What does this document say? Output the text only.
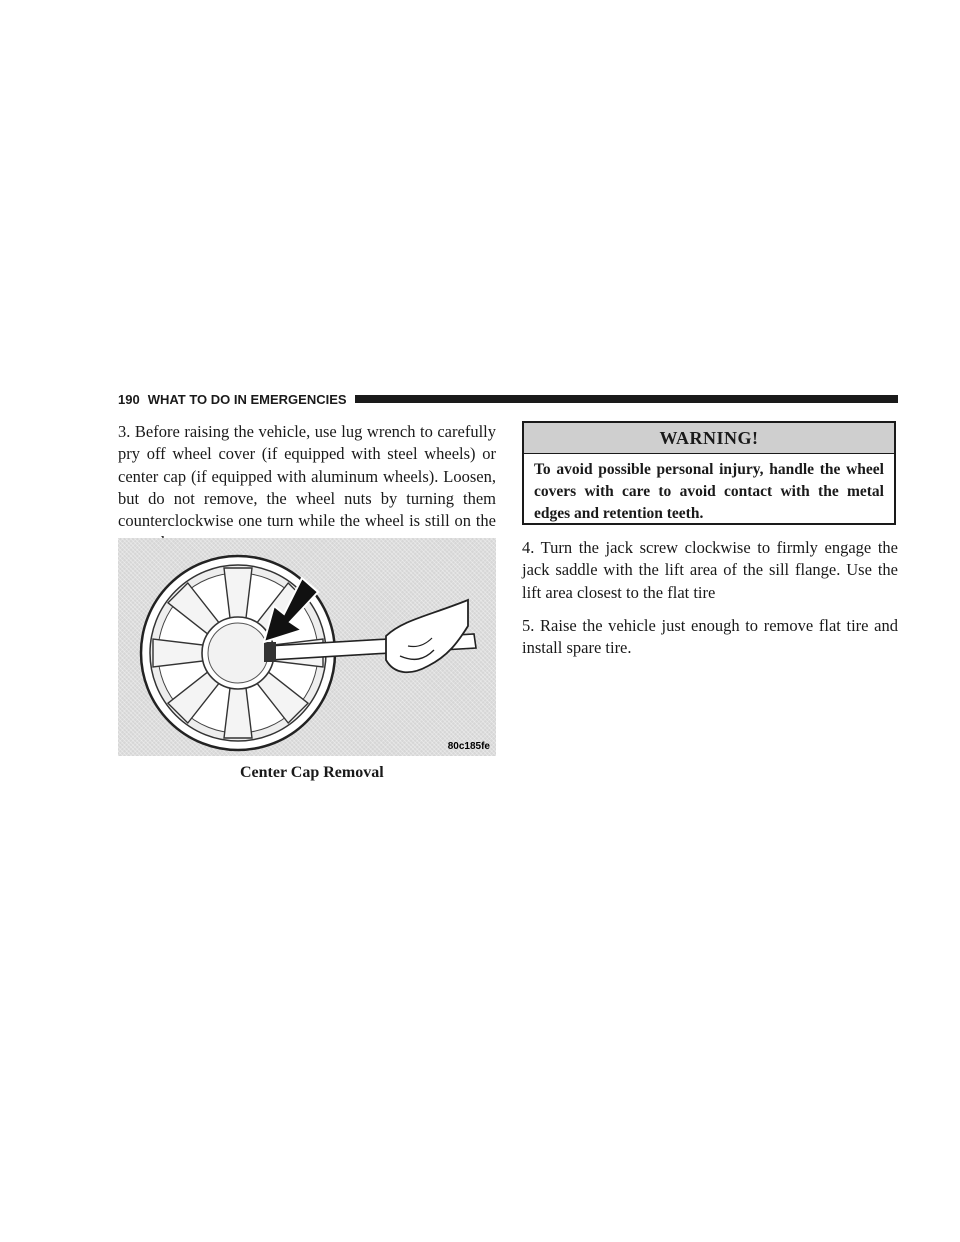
190 WHAT TO DO IN EMERGENCIES

3. Before raising the vehicle, use lug wrench to carefully pry off wheel cover (if equipped with steel wheels) or center cap (if equipped with aluminum wheels). Loosen, but do not remove, the wheel nuts by turning them counterclockwise one turn while the wheel is still on the

80c185fe
Center Cap Removal
WARNING!
To avoid possible personal injury, handle the wheel covers with care to avoid contact with the metal edges and retention teeth.

4. Turn the jack screw clockwise to firmly engage the jack saddle with the lift area of the sill flange. Use the lift area closest to the flat tire

5. Raise the vehicle just enough to remove flat tire and install spare tire.
